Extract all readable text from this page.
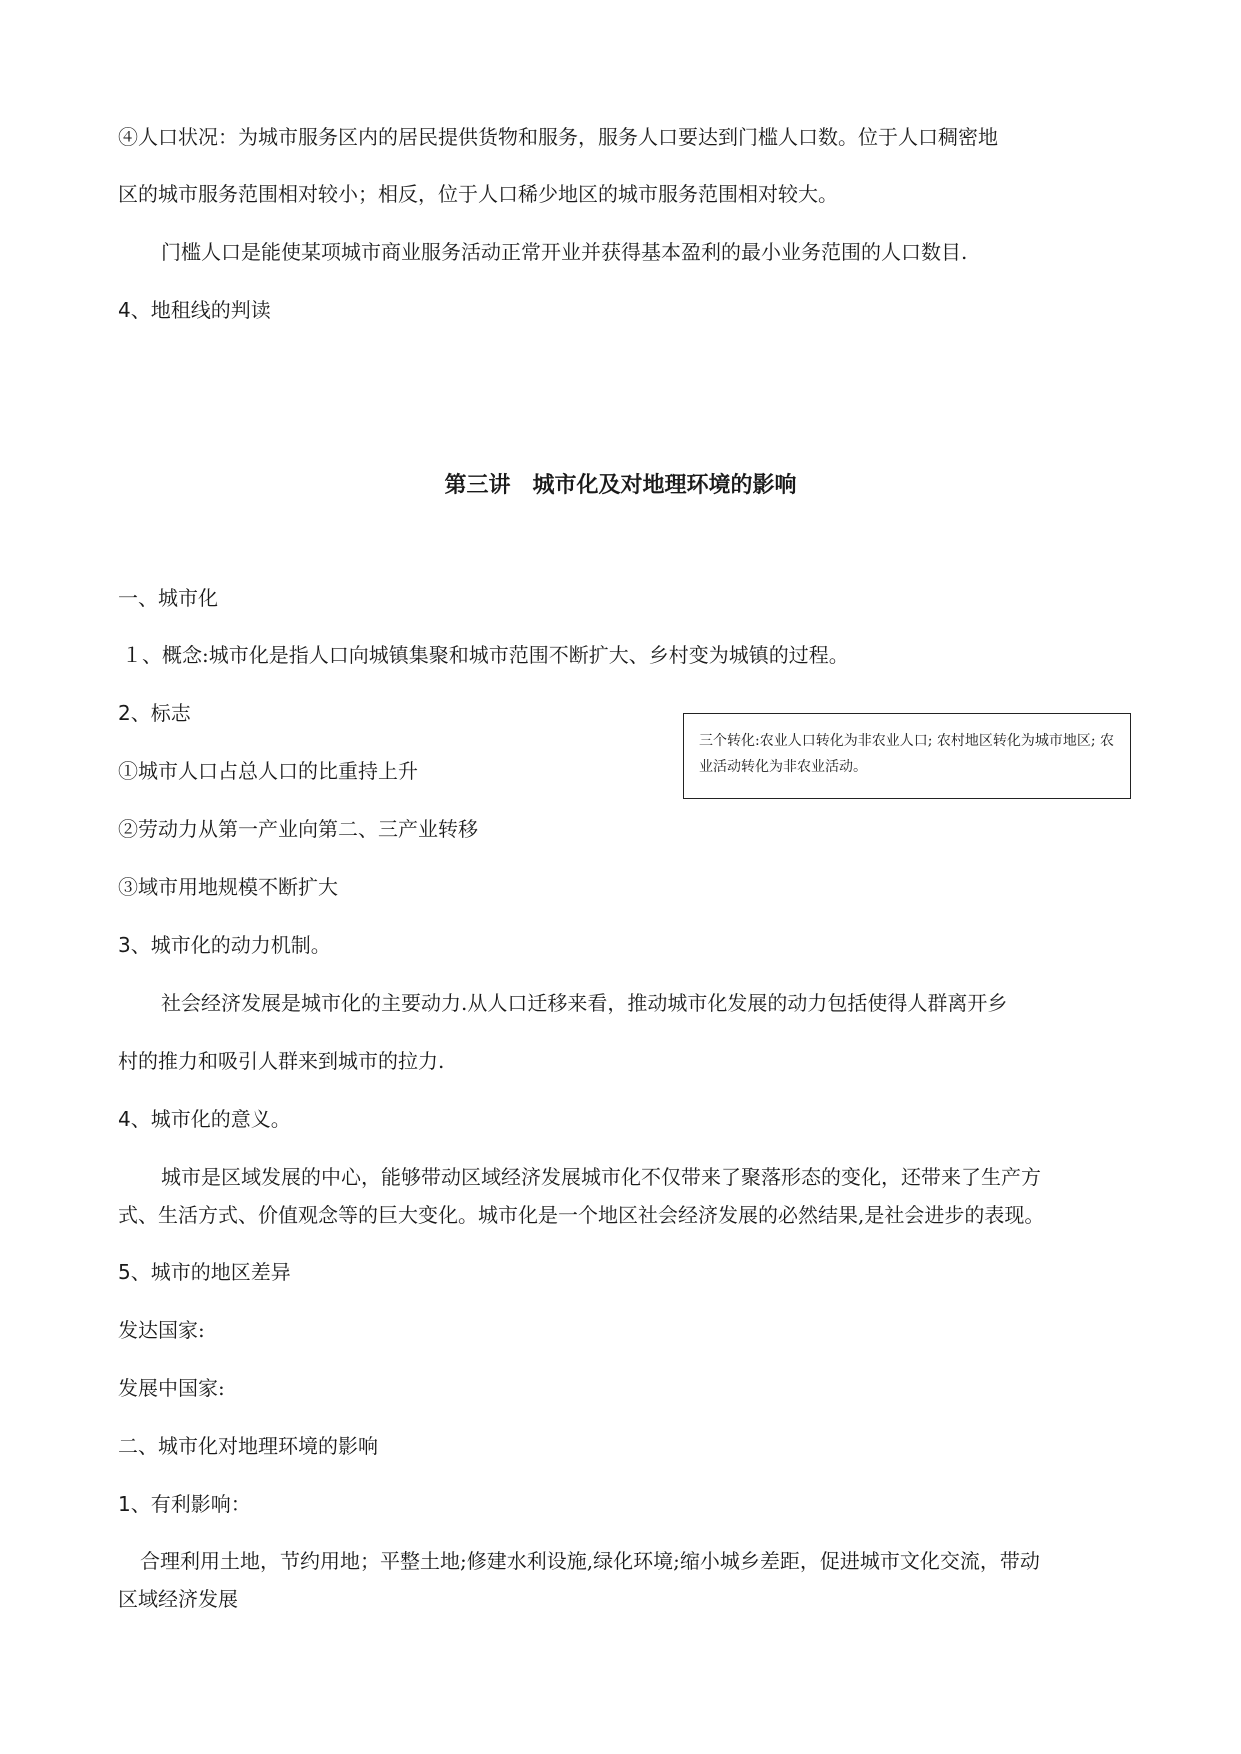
④人口状况：为城市服务区内的居民提供货物和服务，服务人口要达到门槛人口数。位于人口稠密地
区的城市服务范围相对较小；相反，位于人口稀少地区的城市服务范围相对较大。
门槛人口是能使某项城市商业服务活动正常开业并获得基本盈利的最小业务范围的人口数目.
4、地租线的判读
第三讲　城市化及对地理环境的影响
一、城市化
１、概念:城市化是指人口向城镇集聚和城市范围不断扩大、乡村变为城镇的过程。
2、标志
①城市人口占总人口的比重持上升
②劳动力从第一产业向第二、三产业转移
③域市用地规模不断扩大
3、城市化的动力机制。
社会经济发展是城市化的主要动力.从人口迁移来看，推动城市化发展的动力包括使得人群离开乡
村的推力和吸引人群来到城市的拉力.
4、城市化的意义。
城市是区域发展的中心，能够带动区域经济发展城市化不仅带来了聚落形态的变化，还带来了生产方
式、生活方式、价值观念等的巨大变化。城市化是一个地区社会经济发展的必然结果,是社会进步的表现。
5、城市的地区差异
发达国家:
发展中国家:
二、城市化对地理环境的影响
1、有利影响：
合理利用土地，节约用地；平整土地;修建水利设施,绿化环境;缩小城乡差距，促进城市文化交流，带动
区域经济发展
三个转化:农业人口转化为非农业人口; 农村地区转化为城市地区; 农业活动转化为非农业活动。
